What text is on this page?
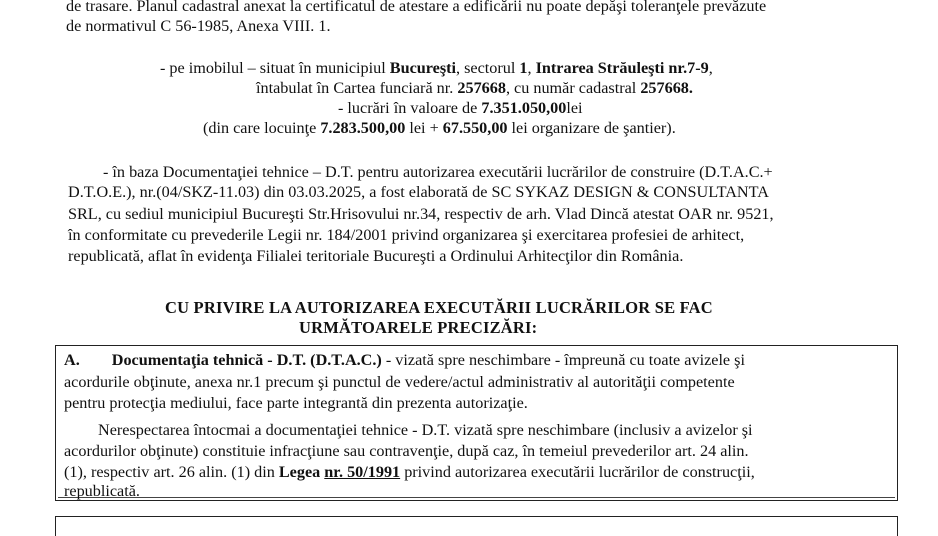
de trasare. Planul cadastral anexat la certificatul de atestare a edificării nu poate depăşi toleranţele prevăzute
de normativul C 56-1985, Anexa VIII. 1.
- pe imobilul – situat în municipiul Bucureşti, sectorul 1, Intrarea Străuleşti nr.7-9,
întabulat în Cartea funciară nr. 257668, cu număr cadastral 257668.
- lucrări în valoare de 7.351.050,00lei
(din care locuinţe 7.283.500,00 lei + 67.550,00 lei organizare de şantier).
- în baza Documentaţiei tehnice – D.T. pentru autorizarea executării lucrărilor de construire (D.T.A.C.+
D.T.O.E.), nr.(04/SKZ-11.03) din 03.03.2025, a fost elaborată de SC SYKAZ DESIGN & CONSULTANTA
SRL, cu sediul municipiul Bucureşti Str.Hrisovului nr.34, respectiv de arh. Vlad Dincă atestat OAR nr. 9521,
în conformitate cu prevederile Legii nr. 184/2001 privind organizarea şi exercitarea profesiei de arhitect,
republicată, aflat în evidenţa Filialei teritoriale Bucureşti a Ordinului Arhitecţilor din România.
CU PRIVIRE LA AUTORIZAREA EXECUTĂRII LUCRĂRILOR SE FAC
URMĂTOARELE PRECIZĂRI:
A. Documentaţia tehnică - D.T. (D.T.A.C.) - vizată spre neschimbare - împreună cu toate avizele şi
acordurile obţinute, anexa nr.1 precum şi punctul de vedere/actul administrativ al autorităţii competente
pentru protecţia mediului, face parte integrantă din prezenta autorizaţie.
Nerespectarea întocmai a documentaţiei tehnice - D.T. vizată spre neschimbare (inclusiv a avizelor şi
acordurilor obţinute) constituie infracţiune sau contravenţie, după caz, în temeiul prevederilor art. 24 alin.
(1), respectiv art. 26 alin. (1) din Legea nr. 50/1991 privind autorizarea executării lucrărilor de construcţii,
republicată.
